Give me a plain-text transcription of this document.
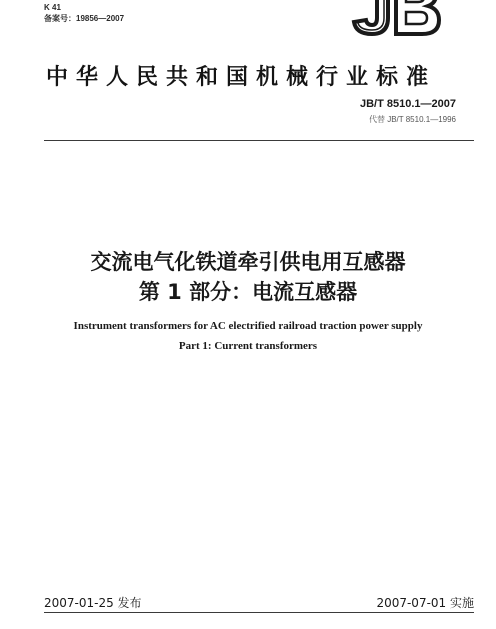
K 41
备案号：19856—2007
中华人民共和国机械行业标准
JB/T 8510.1—2007
代替 JB/T 8510.1—1996
交流电气化铁道牵引供电用互感器
第 1 部分：电流互感器
Instrument transformers for AC electrified railroad traction power supply
Part 1: Current transformers
2007-01-25 发布	2007-07-01 实施
